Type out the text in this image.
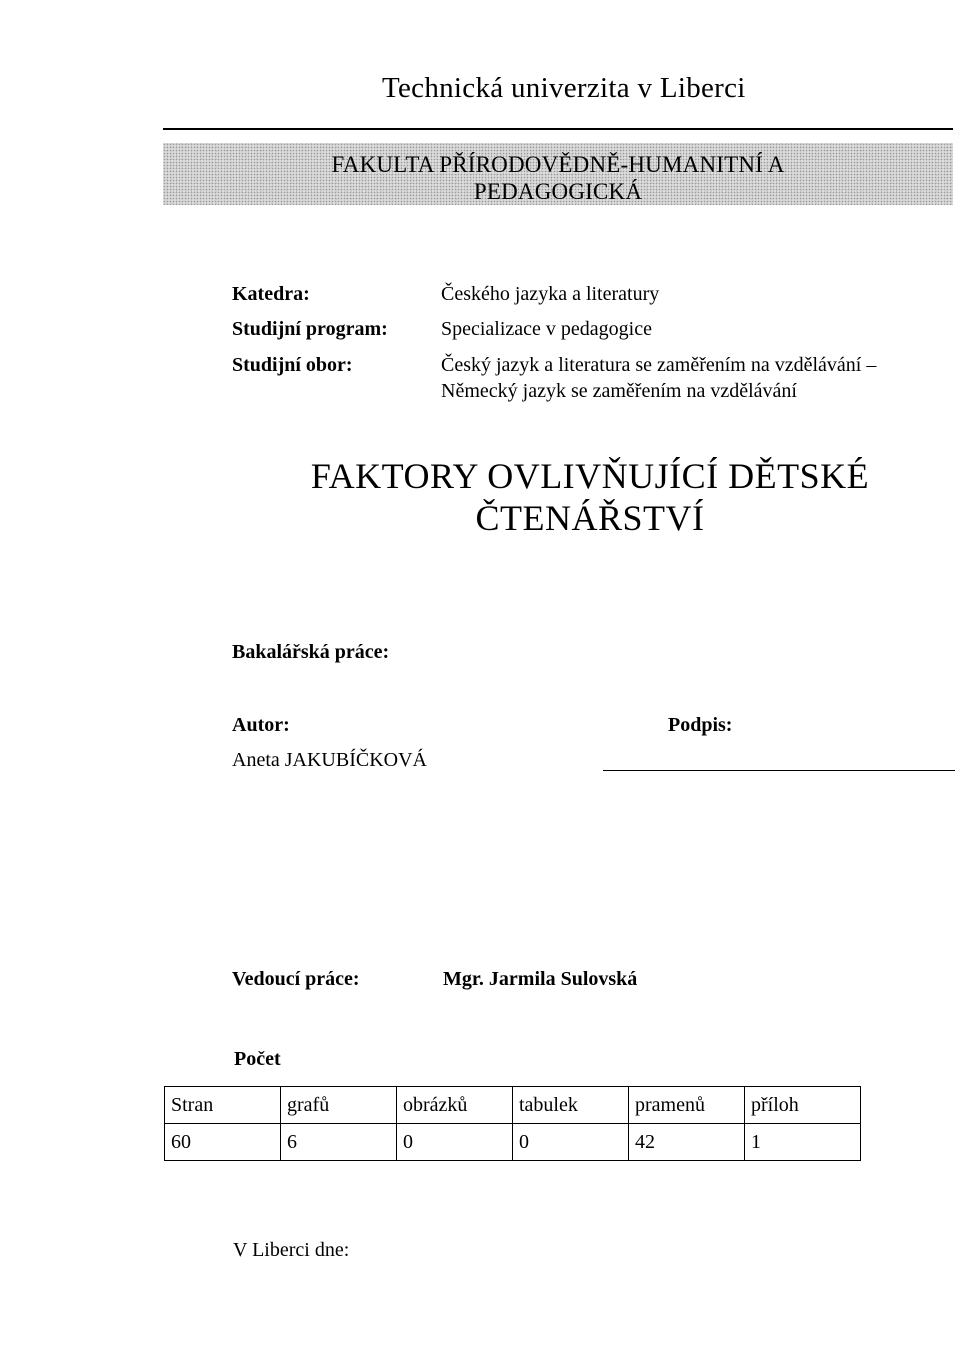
Technická univerzita v Liberci
FAKULTA PŘÍRODOVĚDNĚ-HUMANITNÍ A
PEDAGOGICKÁ
Katedra:	Českého jazyka a literatury
Studijní program:	Specializace v pedagogice
Studijní obor:	Český jazyk a literatura se zaměřením na vzdělávání –
Německý jazyk se zaměřením na vzdělávání
FAKTORY OVLIVŇUJÍCÍ DĚTSKÉ
ČTENÁŘSTVÍ
Bakalářská práce:
Autor:
Aneta JAKUBÍČKOVÁ
Podpis:
Vedoucí práce:	Mgr. Jarmila Sulovská
Počet
Stran	grafů	obrázků	tabulek	pramenů	příloh
60	6	0	0	42	1
V Liberci dne:
